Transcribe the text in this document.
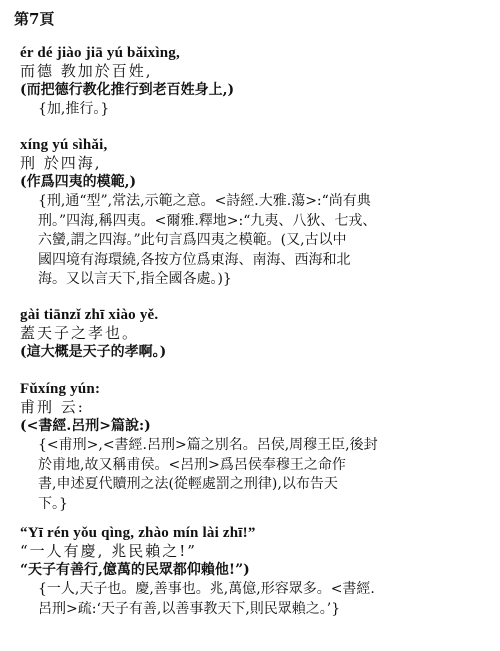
第7頁
ér dé jiào jiā yú bǎixìng,
而德 教加於百姓,
(而把德行教化推行到老百姓身上,)
{加,推行。}
xíng yú sìhǎi,
刑 於四海,
(作爲四夷的模範,)
{刑,通“型”,常法,示範之意。<詩經.大雅.蕩>:“尚有典
刑。”四海,稱四夷。<爾雅.釋地>:“九夷、八狄、七戎、
六蠻,謂之四海。”此句言爲四夷之模範。(又,古以中
國四境有海環繞,各按方位爲東海、南海、西海和北
海。又以言天下,指全國各處。)}
gài tiānzǐ zhī xiào yě.
蓋天子之孝也。
(這大概是天子的孝啊。)
Fǔxíng yún:
甫刑 云:
(<書經.呂刑>篇說:)
{<甫刑>,<書經.呂刑>篇之別名。呂侯,周穆王臣,後封
於甫地,故又稱甫侯。<呂刑>爲呂侯奉穆王之命作
書,申述夏代贖刑之法(從輕處罰之刑律),以布告天
下。}
“Yī rén yǒu qìng, zhào mín lài zhī!”
“一人有慶, 兆民賴之!”
“天子有善行,億萬的民眾都仰賴他!”)
{一人,天子也。慶,善事也。兆,萬億,形容眾多。<書經.
呂刑>疏:‘天子有善,以善事教天下,則民眾賴之。’}
